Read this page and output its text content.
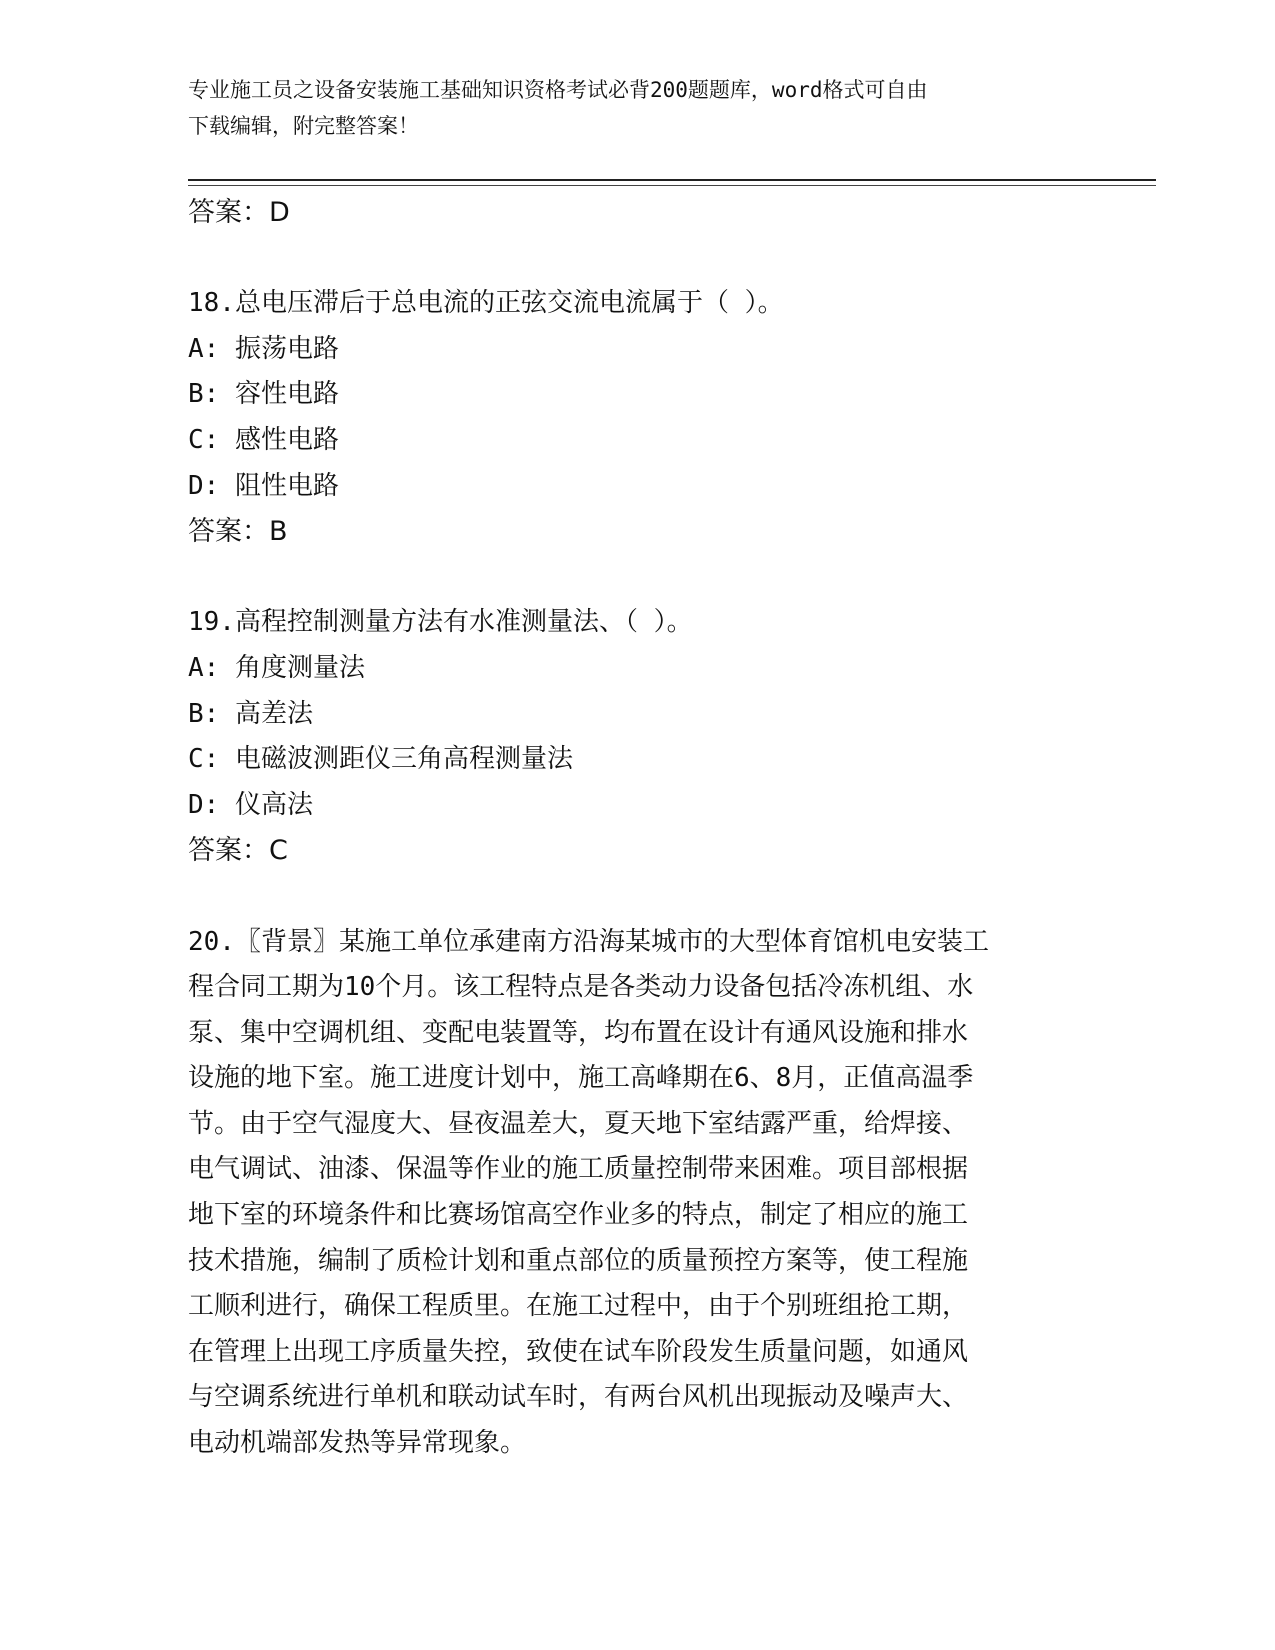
专业施工员之设备安装施工基础知识资格考试必背200题题库，word格式可自由
下载编辑，附完整答案！
答案：D
18.总电压滞后于总电流的正弦交流电流属于（ ）。
A: 振荡电路
B: 容性电路
C: 感性电路
D: 阻性电路
答案：B
19.高程控制测量方法有水准测量法、（ ）。
A: 角度测量法
B: 高差法
C: 电磁波测距仪三角高程测量法
D: 仪高法
答案：C
20.〖背景〗某施工单位承建南方沿海某城市的大型体育馆机电安装工
程合同工期为10个月。该工程特点是各类动力设备包括冷冻机组、水
泵、集中空调机组、变配电装置等，均布置在设计有通风设施和排水
设施的地下室。施工进度计划中，施工高峰期在6、8月，正值高温季
节。由于空气湿度大、昼夜温差大，夏天地下室结露严重，给焊接、
电气调试、油漆、保温等作业的施工质量控制带来困难。项目部根据
地下室的环境条件和比赛场馆高空作业多的特点，制定了相应的施工
技术措施，编制了质检计划和重点部位的质量预控方案等，使工程施
工顺利进行，确保工程质里。在施工过程中，由于个别班组抢工期，
在管理上出现工序质量失控，致使在试车阶段发生质量问题，如通风
与空调系统进行单机和联动试车时，有两台风机出现振动及噪声大、
电动机端部发热等异常现象。
